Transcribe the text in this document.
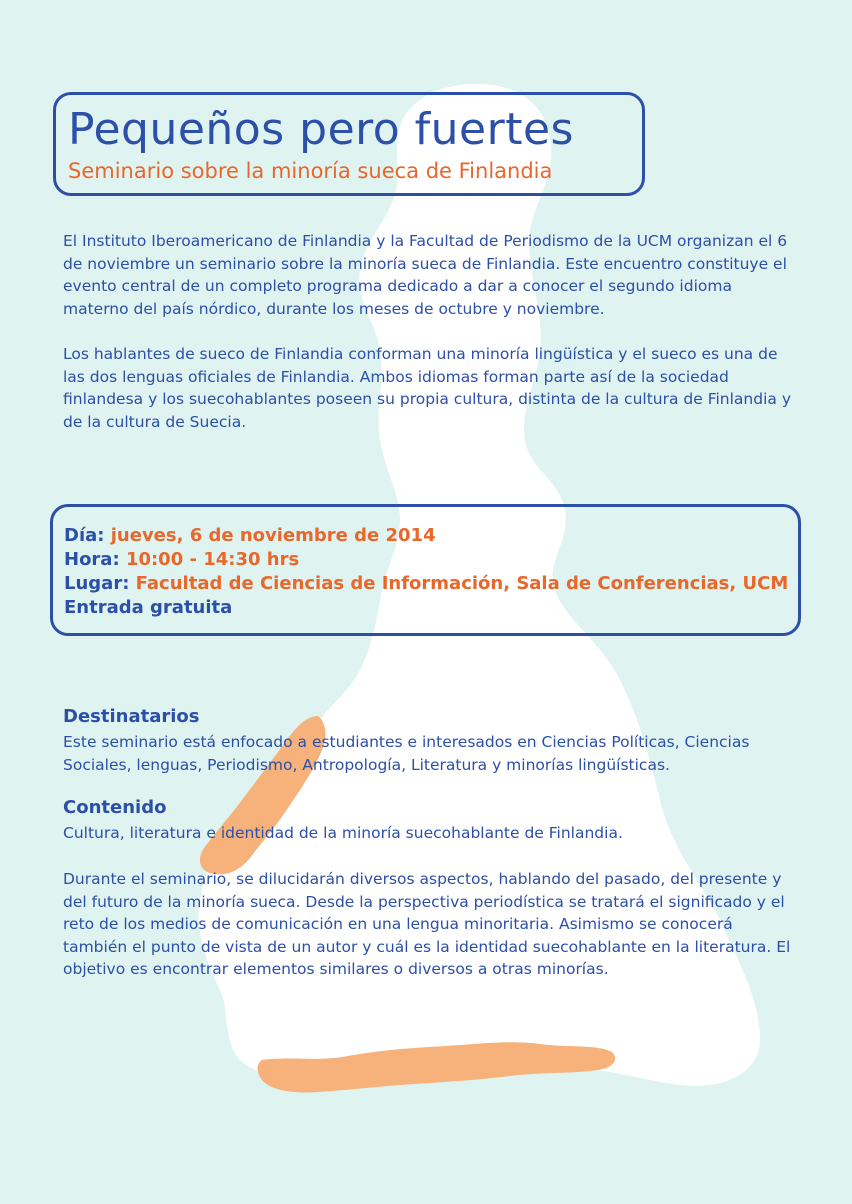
Pequeños pero fuertes
Seminario sobre la minoría sueca de Finlandia
El Instituto Iberoamericano de Finlandia y la Facultad de Periodismo de la UCM organizan el 6 de noviembre un seminario sobre la minoría sueca de Finlandia. Este encuentro constituye el evento central de un completo programa dedicado a dar a conocer el segundo idioma materno del país nórdico, durante los meses de octubre y noviembre.
Los hablantes de sueco de Finlandia conforman una minoría lingüística y el sueco es una de las dos lenguas oficiales de Finlandia. Ambos idiomas forman parte así de la sociedad finlandesa y los suecohablantes poseen su propia cultura, distinta de la cultura de Finlandia y de la cultura de Suecia.
Día: jueves, 6 de noviembre de 2014
Hora: 10:00 - 14:30 hrs
Lugar: Facultad de Ciencias de Información, Sala de Conferencias, UCM
Entrada gratuita
Destinatarios
Este seminario está enfocado a estudiantes e interesados en Ciencias Políticas, Ciencias Sociales, lenguas, Periodismo, Antropología, Literatura y minorías lingüísticas.
Contenido
Cultura, literatura e identidad de la minoría suecohablante de Finlandia.
Durante el seminario, se dilucidarán diversos aspectos, hablando del pasado, del presente y del futuro de la minoría sueca. Desde la perspectiva periodística se tratará el significado y el reto de los medios de comunicación en una lengua minoritaria. Asimismo se conocerá también el punto de vista de un autor y cuál es la identidad suecohablante en la literatura. El objetivo es encontrar elementos similares o diversos a otras minorías.
